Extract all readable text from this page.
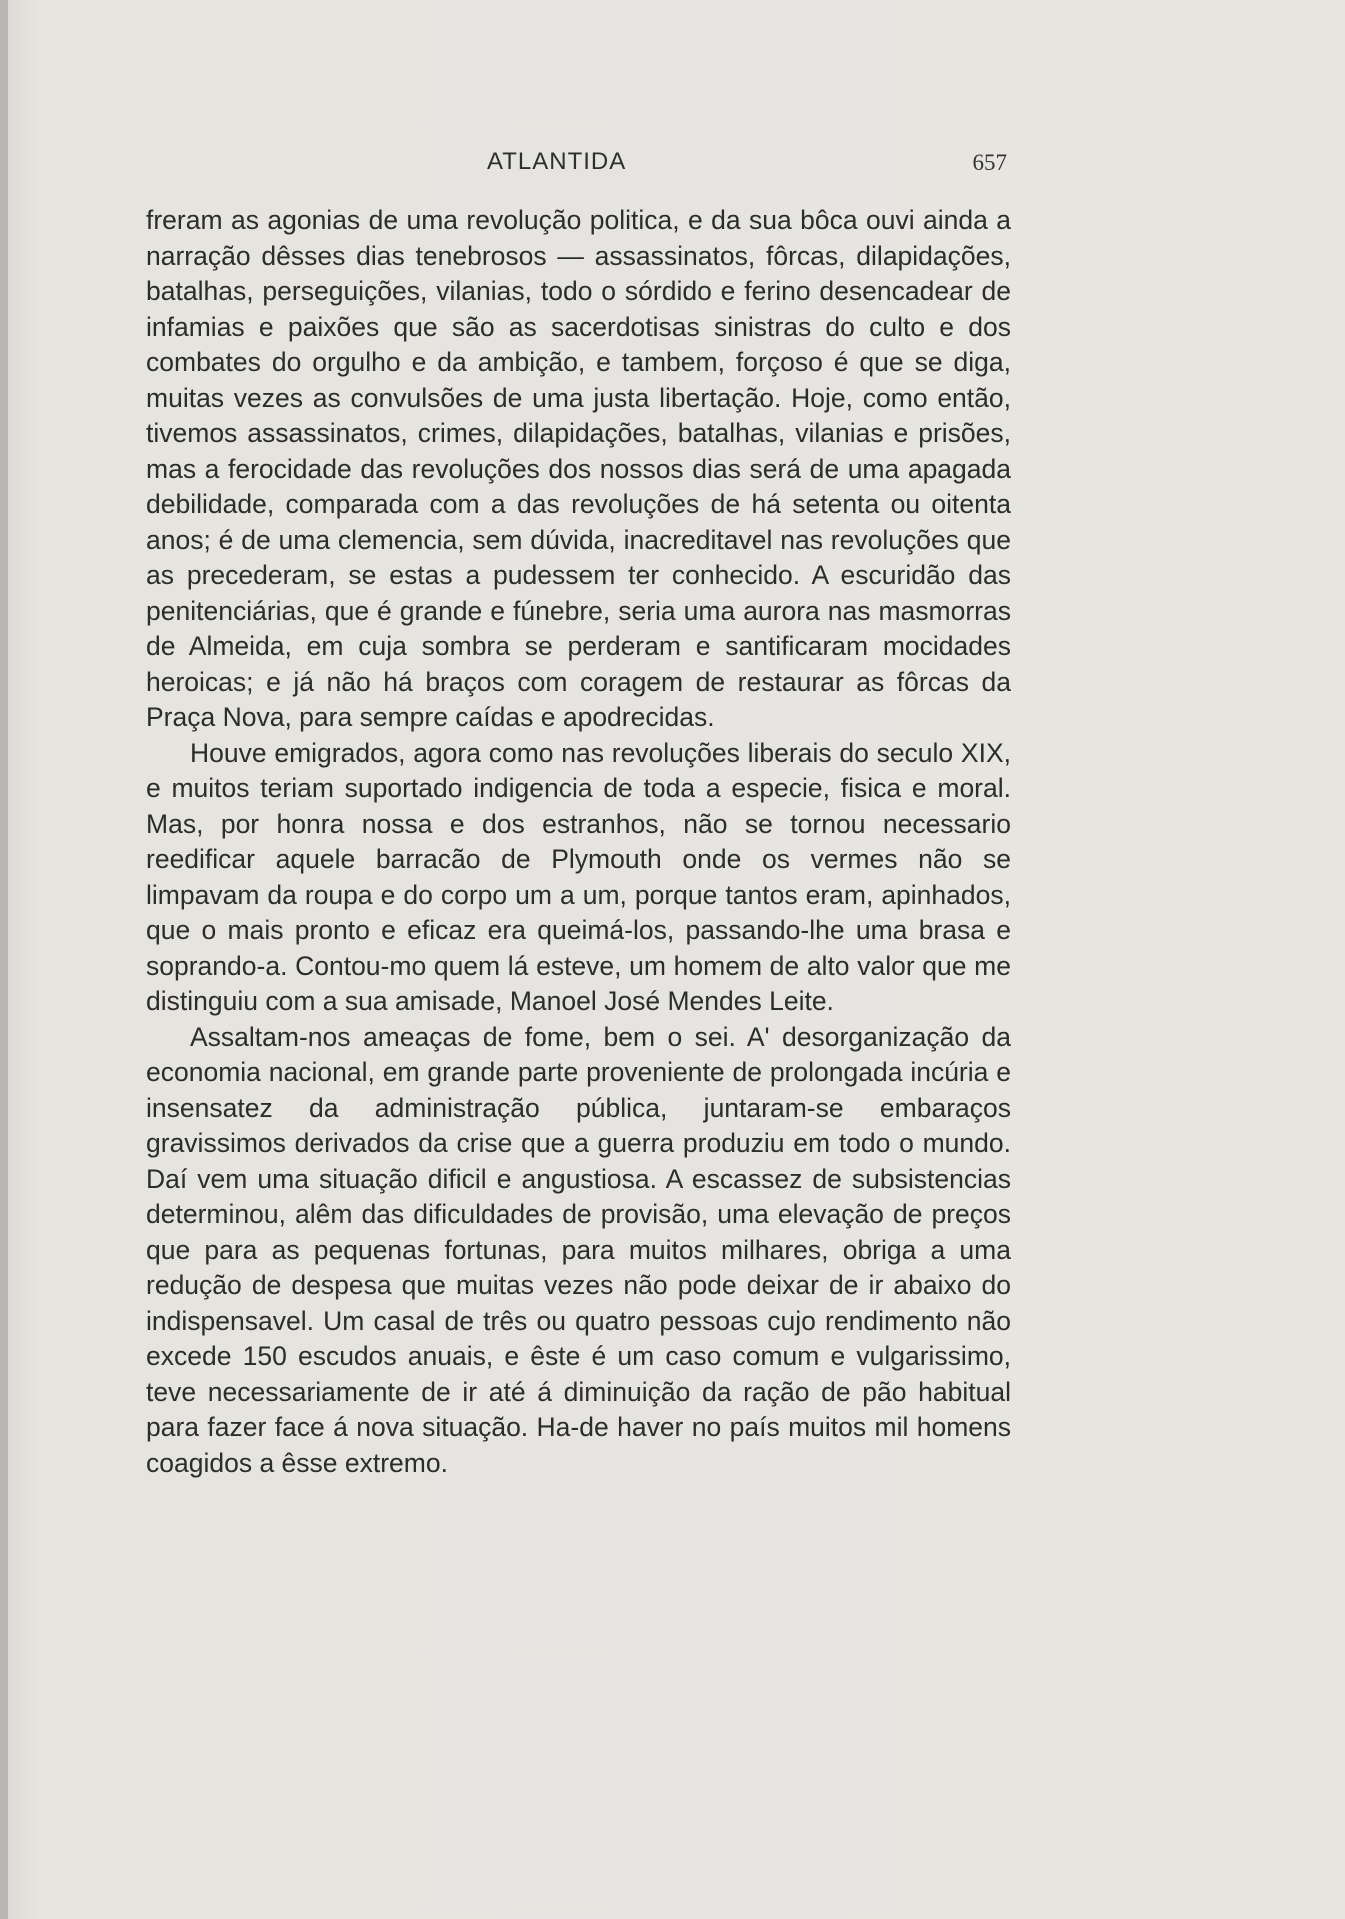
ATLANTIDA	657

freram as agonias de uma revolução politica, e da sua bôca ouvi ainda a narração dêsses dias tenebrosos — assassinatos, fôrcas, dilapidações, batalhas, perseguições, vilanias, todo o sórdido e ferino desencadear de infamias e paixões que são as sacerdotisas sinistras do culto e dos combates do orgulho e da ambição, e tambem, forçoso é que se diga, muitas vezes as convulsões de uma justa libertação. Hoje, como então, tivemos assassinatos, crimes, dilapidações, batalhas, vilanias e prisões, mas a ferocidade das revoluções dos nossos dias será de uma apagada debilidade, comparada com a das revoluções de há setenta ou oitenta anos; é de uma clemencia, sem dúvida, inacreditavel nas revoluções que as precederam, se estas a pudessem ter conhecido. A escuridão das penitenciárias, que é grande e fúnebre, seria uma aurora nas masmorras de Almeida, em cuja sombra se perderam e santificaram mocidades heroicas; e já não há braços com coragem de restaurar as fôrcas da Praça Nova, para sempre caídas e apodrecidas.

Houve emigrados, agora como nas revoluções liberais do seculo XIX, e muitos teriam suportado indigencia de toda a especie, fisica e moral. Mas, por honra nossa e dos estranhos, não se tornou necessario reedificar aquele barracão de Plymouth onde os vermes não se limpavam da roupa e do corpo um a um, porque tantos eram, apinhados, que o mais pronto e eficaz era queimá-los, passando-lhe uma brasa e soprando-a. Contou-mo quem lá esteve, um homem de alto valor que me distinguiu com a sua amisade, Manoel José Mendes Leite.

Assaltam-nos ameaças de fome, bem o sei. A' desorganização da economia nacional, em grande parte proveniente de prolongada incúria e insensatez da administração pública, juntaram-se embaraços gravissimos derivados da crise que a guerra produziu em todo o mundo. Daí vem uma situação dificil e angustiosa. A escassez de subsistencias determinou, alêm das dificuldades de provisão, uma elevação de preços que para as pequenas fortunas, para muitos milhares, obriga a uma redução de despesa que muitas vezes não pode deixar de ir abaixo do indispensavel. Um casal de três ou quatro pessoas cujo rendimento não excede 150 escudos anuais, e êste é um caso comum e vulgarissimo, teve necessariamente de ir até á diminuição da ração de pão habitual para fazer face á nova situação. Ha-de haver no país muitos mil homens coagidos a êsse extremo.
